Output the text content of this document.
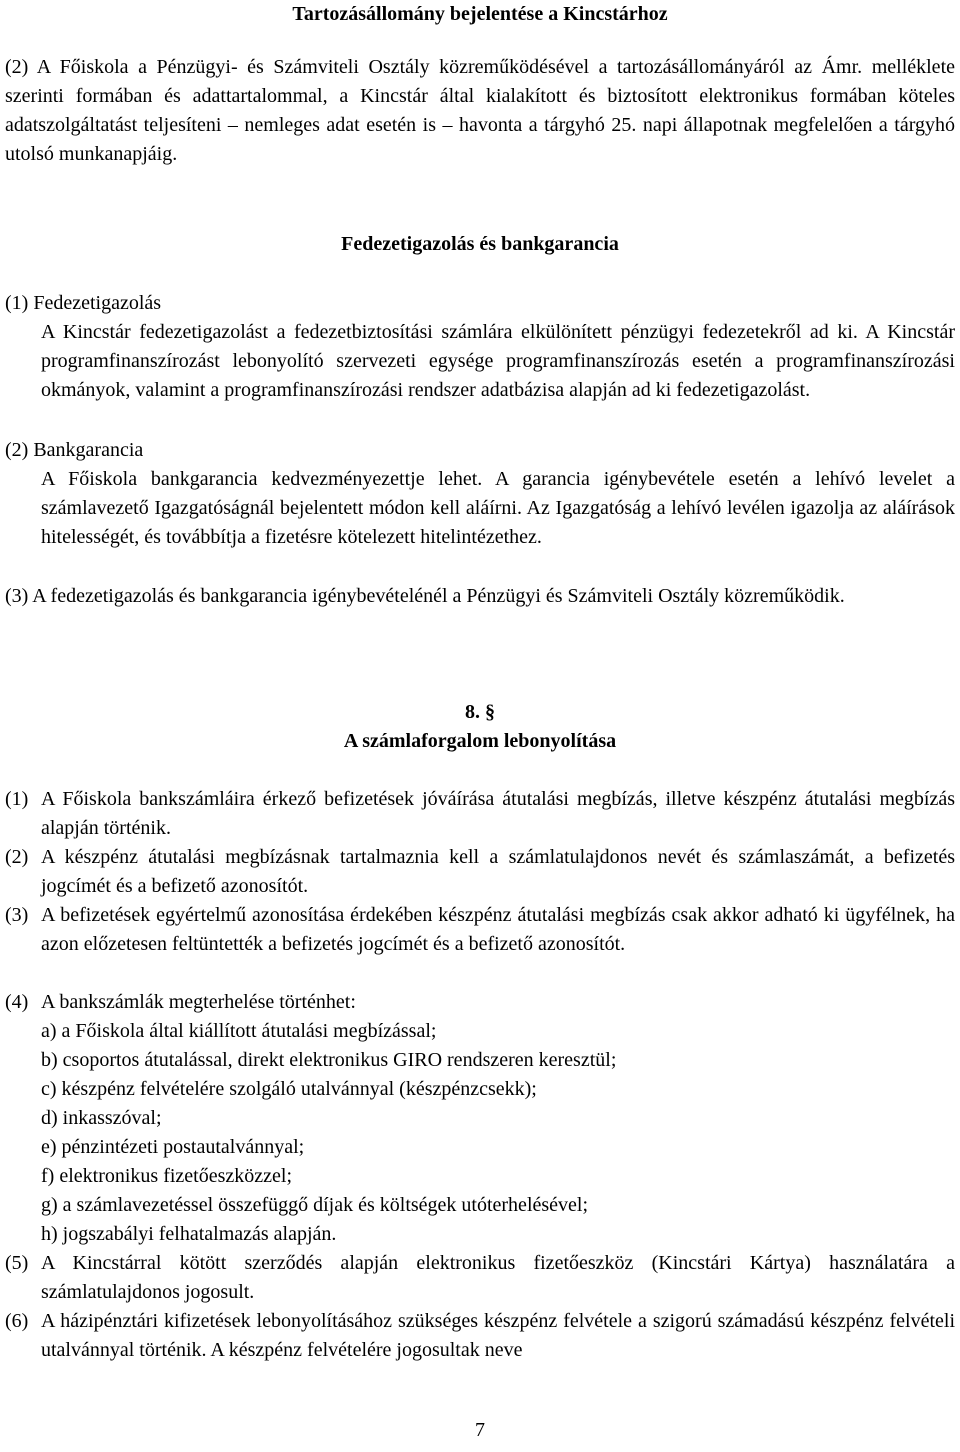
Tartozásállomány bejelentése a Kincstárhoz
(2) A Főiskola a Pénzügyi- és Számviteli Osztály közreműködésével a tartozásállományáról az Ámr. melléklete szerinti formában és adattartalommal, a Kincstár által kialakított és biztosított elektronikus formában köteles adatszolgáltatást teljesíteni – nemleges adat esetén is – havonta a tárgyhó 25. napi állapotnak megfelelően a tárgyhó utolsó munkanapjáig.
Fedezetigazolás és bankgarancia
(1) Fedezetigazolás
A Kincstár fedezetigazolást a fedezetbiztosítási számlára elkülönített pénzügyi fedezetekről ad ki. A Kincstár programfinanszírozást lebonyolító szervezeti egysége programfinanszírozás esetén a programfinanszírozási okmányok, valamint a programfinanszírozási rendszer adatbázisa alapján ad ki fedezetigazolást.
(2) Bankgarancia
A Főiskola bankgarancia kedvezményezettje lehet. A garancia igénybevétele esetén a lehívó levelet a számlavezető Igazgatóságnál bejelentett módon kell aláírni. Az Igazgatóság a lehívó levélen igazolja az aláírások hitelességét, és továbbítja a fizetésre kötelezett hitelintézethez.
(3) A fedezetigazolás és bankgarancia igénybevételénél a Pénzügyi és Számviteli Osztály közreműködik.
8. §
A számlaforgalom lebonyolítása
(1) A Főiskola bankszámláira érkező befizetések jóváírása átutalási megbízás, illetve készpénz átutalási megbízás alapján történik.
(2) A készpénz átutalási megbízásnak tartalmaznia kell a számlatulajdonos nevét és számlaszámát, a befizetés jogcímét és a befizető azonosítót.
(3) A befizetések egyértelmű azonosítása érdekében készpénz átutalási megbízás csak akkor adható ki ügyfélnek, ha azon előzetesen feltüntették a befizetés jogcímét és a befizető azonosítót.
(4) A bankszámlák megterhelése történhet:
a) a Főiskola által kiállított átutalási megbízással;
b) csoportos átutalással, direkt elektronikus GIRO rendszeren keresztül;
c) készpénz felvételére szolgáló utalvánnyal (készpénzcsekk);
d) inkasszóval;
e) pénzintézeti postautalvánnyal;
f) elektronikus fizetőeszközzel;
g) a számlavezetéssel összefüggő díjak és költségek utóterhelésével;
h) jogszabályi felhatalmazás alapján.
(5) A Kincstárral kötött szerződés alapján elektronikus fizetőeszköz (Kincstári Kártya) használatára a számlatulajdonos jogosult.
(6) A házipénztári kifizetések lebonyolításához szükséges készpénz felvétele a szigorú számadású készpénz felvételi utalvánnyal történik. A készpénz felvételére jogosultak neve
7
